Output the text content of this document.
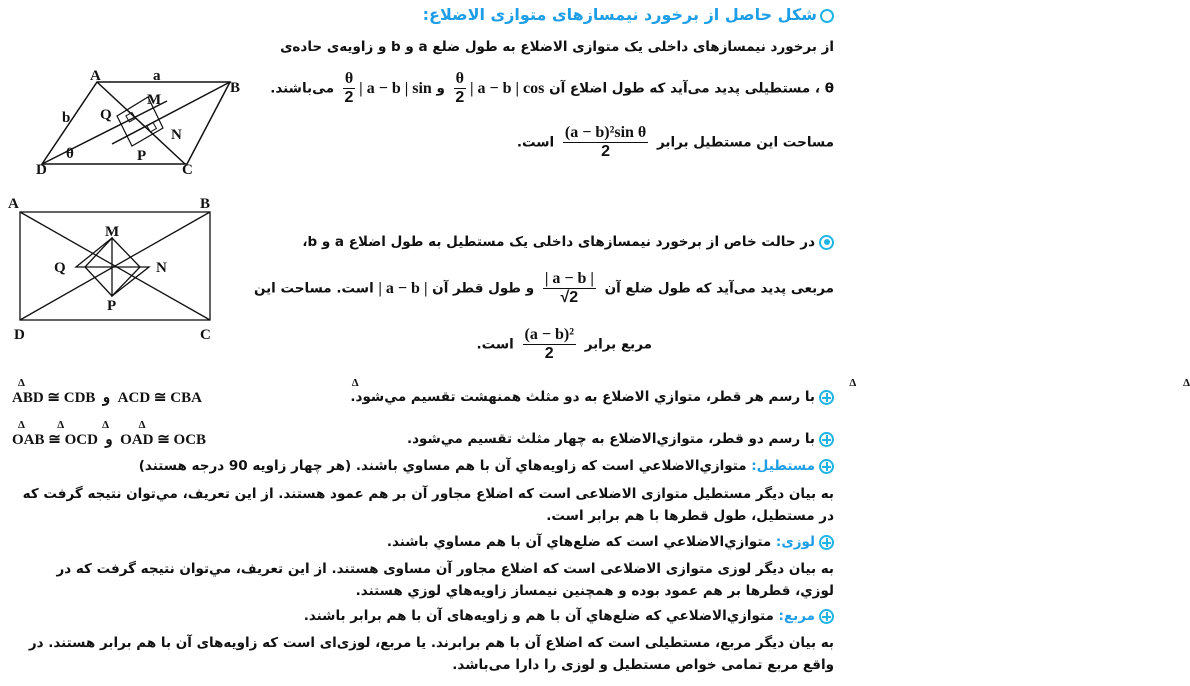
شکل حاصل از برخورد نیمسازهای متوازی الاضلاع:
از برخورد نیمسازهای داخلی یک متوازی الاضلاع به طول ضلع a و b و زاویه‌ی حاده‌ی
θ ، مستطیلی پدید می‌آید که طول اضلاع آن | a − b | cos
$\frac{\theta}{2}$
و | a − b | sin
$\frac{\theta}{2}$
می‌باشند.
مساحت این مستطیل برابر
$\frac{\text{(a − b)²sin θ}}{2}$
است.
A	a
B
b Q
M
N
P
θ
D	C
A	B
M
Q	N
P
D	C
در حالت خاص از برخورد نیمسازهای داخلی یک مستطیل به طول اضلاع a و b،
مربعی پدید می‌آید که طول ضلع آن
$\frac{| a - b |}{√2}$
و طول قطر آن | a − b | است. مساحت این
مربع برابر
$\frac{\text{(a − b)²}}{2}$
است.
با رسم هر قطر، متوازي الاضلاع به دو مثلث همنهشت تقسیم مي‌شود.
Δ	Δ	Δ	Δ
ABD ≅ CDB  و  ACD ≅ CBA
با رسم دو قطر، متوازي‌الاضلاع به چهار مثلث تقسیم مي‌شود.
Δ	Δ	Δ	Δ
OAB ≅ OCD  و  OAD ≅ OCB
مستطیل: متوازي‌الاضلاعي است که زاویه‌هاي آن با هم مساوي باشند. (هر چهار زاویه 90 درجه هستند)
به بیان دیگر مستطیل متوازی الاضلاعی است که اضلاع مجاور آن بر هم عمود هستند. از این تعریف، مي‌توان نتیجه گرفت که
در مستطیل، طول قطرها با هم برابر است.
لوزی: متوازي‌الاضلاعي است که ضلع‌هاي آن با هم مساوي باشند.
به بیان دیگر لوزی متوازی الاضلاعی است که اضلاع مجاور آن مساوی هستند. از این تعریف، مي‌توان نتیجه گرفت که در
لوزي، قطرها بر هم عمود بوده و همچنین نیمساز زاویه‌هاي لوزي هستند.
مربع: متوازي‌الاضلاعي که ضلع‌هاي آن با هم و زاویه‌های آن با هم برابر باشند.
به بیان دیگر مربع، مستطیلی است که اضلاع آن با هم برابرند. یا مربع، لوزی‌ای است که زاویه‌های آن با هم برابر هستند. در
واقع مربع تمامی خواص مستطیل و لوزی را دارا می‌باشد.
